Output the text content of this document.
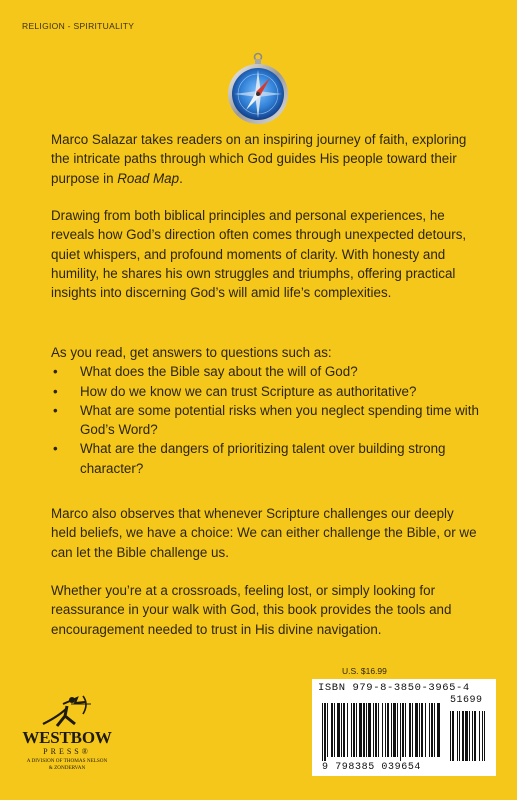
RELIGION - SPIRITUALITY

Marco Salazar takes readers on an inspiring journey of faith, exploring the intricate paths through which God guides His people toward their purpose in Road Map.

Drawing from both biblical principles and personal experiences, he reveals how God’s direction often comes through unexpected detours, quiet whispers, and profound moments of clarity. With honesty and humility, he shares his own struggles and triumphs, offering practical insights into discerning God’s will amid life’s complexities.

As you read, get answers to questions such as:

• What does the Bible say about the will of God?
• How do we know we can trust Scripture as authoritative?
• What are some potential risks when you neglect spending time with God’s Word?
• What are the dangers of prioritizing talent over building strong character?

Marco also observes that whenever Scripture challenges our deeply held beliefs, we have a choice: We can either challenge the Bible, or we can let the Bible challenge us.

Whether you’re at a crossroads, feeling lost, or simply looking for reassurance in your walk with God, this book provides the tools and encouragement needed to trust in His divine navigation.

U.S. $16.99
ISBN 979-8-3850-3965-4
51699
9 798385 039654
WESTBOW
PRESS®
A DIVISION OF THOMAS NELSON
& ZONDERVAN
